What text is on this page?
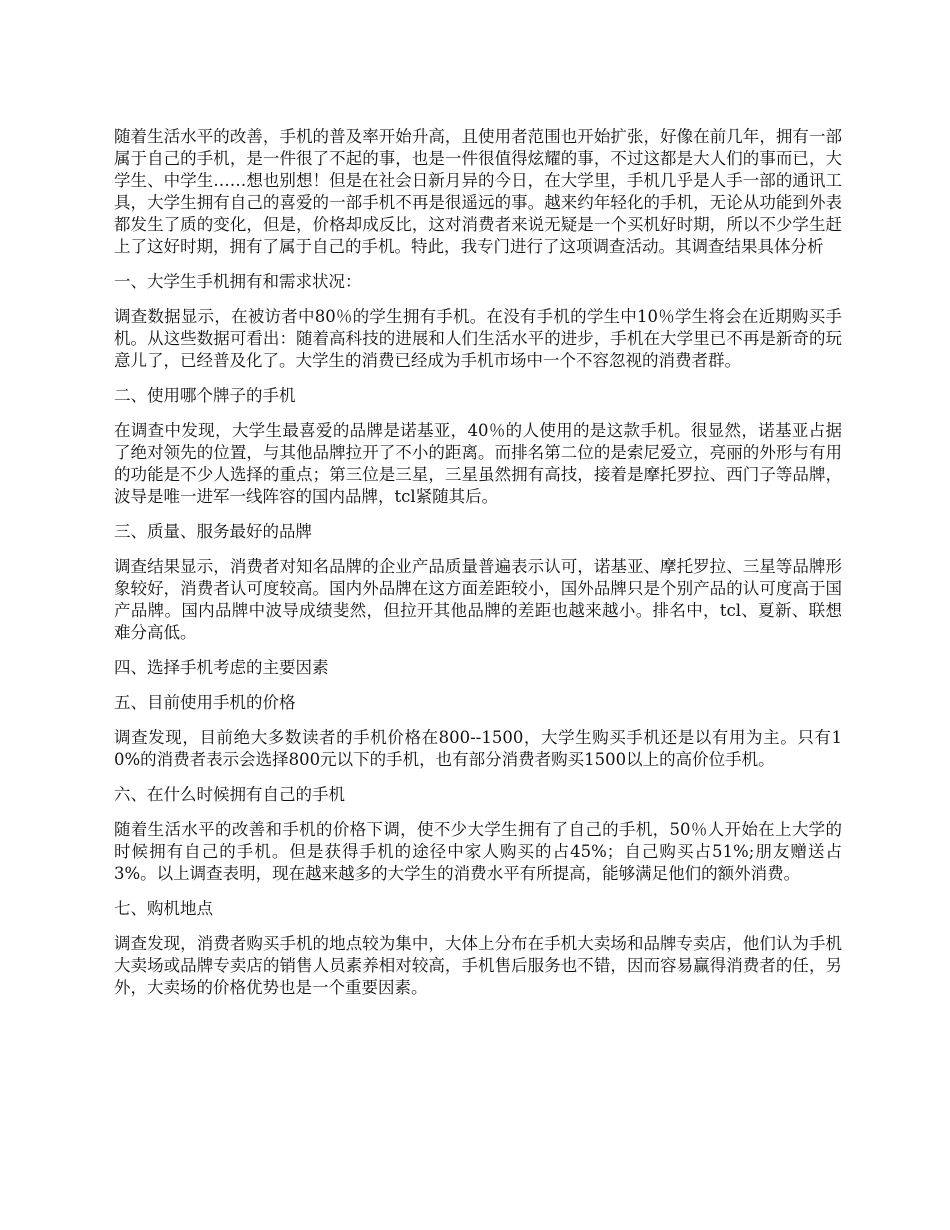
随着生活水平的改善，手机的普及率开始升高，且使用者范围也开始扩张，好像在前几年，拥有一部属于自己的手机，是一件很了不起的事，也是一件很值得炫耀的事，不过这都是大人们的事而已，大学生、中学生……想也别想！但是在社会日新月异的今日，在大学里，手机几乎是人手一部的通讯工具，大学生拥有自己的喜爱的一部手机不再是很遥远的事。越来约年轻化的手机，无论从功能到外表都发生了质的变化，但是，价格却成反比，这对消费者来说无疑是一个买机好时期，所以不少学生赶上了这好时期，拥有了属于自己的手机。特此，我专门进行了这项调查活动。其调查结果具体分析

一、大学生手机拥有和需求状况：

调查数据显示，在被访者中80％的学生拥有手机。在没有手机的学生中10％学生将会在近期购买手机。从这些数据可看出：随着高科技的进展和人们生活水平的进步，手机在大学里已不再是新奇的玩意儿了，已经普及化了。大学生的消费已经成为手机市场中一个不容忽视的消费者群。

二、使用哪个牌子的手机

在调查中发现，大学生最喜爱的品牌是诺基亚，40％的人使用的是这款手机。很显然，诺基亚占据了绝对领先的位置，与其他品牌拉开了不小的距离。而排名第二位的是索尼爱立，亮丽的外形与有用的功能是不少人选择的重点；第三位是三星，三星虽然拥有高技，接着是摩托罗拉、西门子等品牌，波导是唯一进军一线阵容的国内品牌，tcl紧随其后。

三、质量、服务最好的品牌

调查结果显示，消费者对知名品牌的企业产品质量普遍表示认可，诺基亚、摩托罗拉、三星等品牌形象较好，消费者认可度较高。国内外品牌在这方面差距较小，国外品牌只是个别产品的认可度高于国产品牌。国内品牌中波导成绩斐然，但拉开其他品牌的差距也越来越小。排名中，tcl、夏新、联想难分高低。

四、选择手机考虑的主要因素

五、目前使用手机的价格

调查发现，目前绝大多数读者的手机价格在800--1500，大学生购买手机还是以有用为主。只有10%的消费者表示会选择800元以下的手机，也有部分消费者购买1500以上的高价位手机。

六、在什么时候拥有自己的手机

随着生活水平的改善和手机的价格下调，使不少大学生拥有了自己的手机，50％人开始在上大学的时候拥有自己的手机。但是获得手机的途径中家人购买的占45%；自己购买占51%;朋友赠送占3%。以上调查表明，现在越来越多的大学生的消费水平有所提高，能够满足他们的额外消费。

七、购机地点

调查发现，消费者购买手机的地点较为集中，大体上分布在手机大卖场和品牌专卖店，他们认为手机大卖场或品牌专卖店的销售人员素养相对较高，手机售后服务也不错，因而容易赢得消费者的任，另外，大卖场的价格优势也是一个重要因素。
